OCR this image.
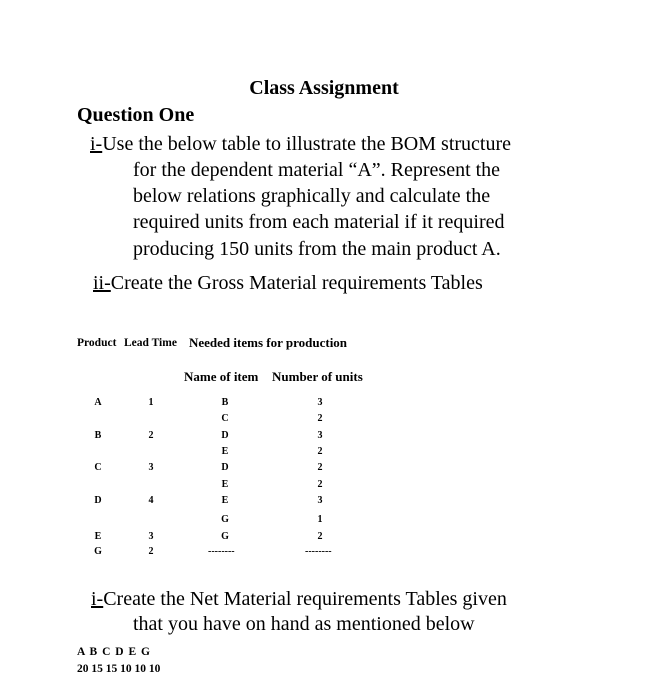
Class Assignment
Question One
i-Use the below table to illustrate the BOM structure
for the dependent material “A”. Represent the
below relations graphically and calculate the
required units from each material if it required
producing 150 units from the main product A.
ii-Create the Gross Material requirements Tables
Product Lead Time Needed items for production
Name of item Number of units
A
B
C
D
E
G
1
2
3
4
3
2
B
C
D
E
D
E
E
G
G
--------
3
2
3
2
2
2
3
1
2
--------
i-Create the Net Material requirements Tables given
that you have on hand as mentioned below
A B C D E G
20 15 15 10 10 10
